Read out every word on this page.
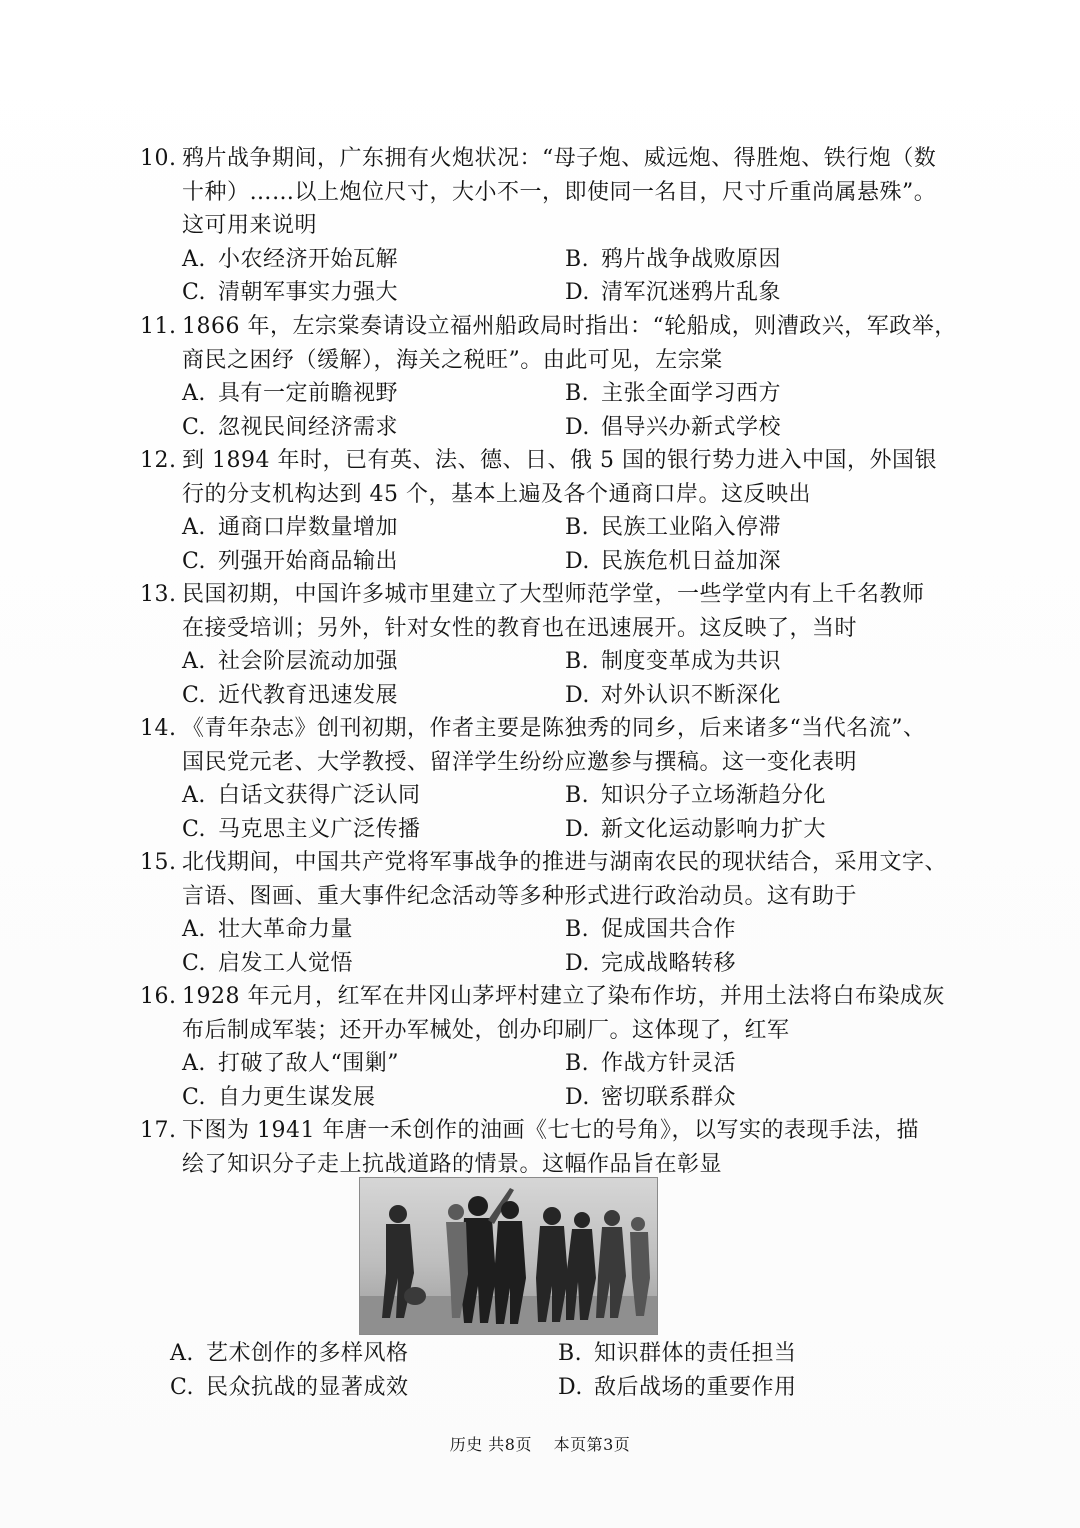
10. 鸦片战争期间，广东拥有火炮状况：“母子炮、威远炮、得胜炮、铁行炮（数
十种）……以上炮位尺寸，大小不一，即使同一名目，尺寸斤重尚属悬殊”。
这可用来说明
A. 小农经济开始瓦解	B. 鸦片战争战败原因
C. 清朝军事实力强大	D. 清军沉迷鸦片乱象
11. 1866 年，左宗棠奏请设立福州船政局时指出：“轮船成，则漕政兴，军政举，
商民之困纾（缓解），海关之税旺”。由此可见，左宗棠
A. 具有一定前瞻视野	B. 主张全面学习西方
C. 忽视民间经济需求	D. 倡导兴办新式学校
12. 到 1894 年时，已有英、法、德、日、俄 5 国的银行势力进入中国，外国银
行的分支机构达到 45 个，基本上遍及各个通商口岸。这反映出
A. 通商口岸数量增加	B. 民族工业陷入停滞
C. 列强开始商品输出	D. 民族危机日益加深
13. 民国初期，中国许多城市里建立了大型师范学堂，一些学堂内有上千名教师
在接受培训；另外，针对女性的教育也在迅速展开。这反映了，当时
A. 社会阶层流动加强	B. 制度变革成为共识
C. 近代教育迅速发展	D. 对外认识不断深化
14. 《青年杂志》创刊初期，作者主要是陈独秀的同乡，后来诸多“当代名流”、
国民党元老、大学教授、留洋学生纷纷应邀参与撰稿。这一变化表明
A. 白话文获得广泛认同	B. 知识分子立场渐趋分化
C. 马克思主义广泛传播	D. 新文化运动影响力扩大
15. 北伐期间，中国共产党将军事战争的推进与湖南农民的现状结合，采用文字、
言语、图画、重大事件纪念活动等多种形式进行政治动员。这有助于
A. 壮大革命力量	B. 促成国共合作
C. 启发工人觉悟	D. 完成战略转移
16. 1928 年元月，红军在井冈山茅坪村建立了染布作坊，并用土法将白布染成灰
布后制成军装；还开办军械处，创办印刷厂。这体现了，红军
A. 打破了敌人“围剿”	B. 作战方针灵活
C. 自力更生谋发展	D. 密切联系群众
17. 下图为 1941 年唐一禾创作的油画《七七的号角》，以写实的表现手法，描
绘了知识分子走上抗战道路的情景。这幅作品旨在彰显
A. 艺术创作的多样风格	B. 知识群体的责任担当
C. 民众抗战的显著成效	D. 敌后战场的重要作用
历史 共8页 本页第3页
